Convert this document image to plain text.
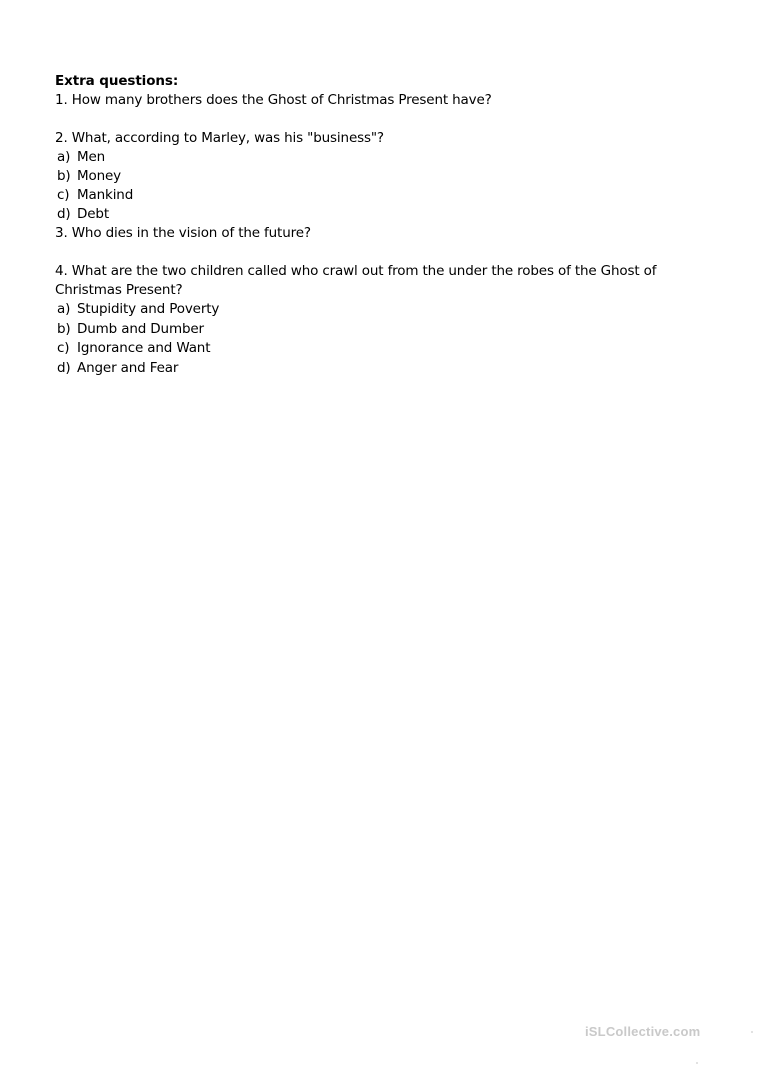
Extra questions:

1. How many brothers does the Ghost of Christmas Present have?

2. What, according to Marley, was his "business"?

a) Men
b) Money
c) Mankind
d) Debt

3. Who dies in the vision of the future?

4. What are the two children called who crawl out from the under the robes of the Ghost of Christmas Present?

a) Stupidity and Poverty
b) Dumb and Dumber
c) Ignorance and Want
d) Anger and Fear
iSLCollective.com
